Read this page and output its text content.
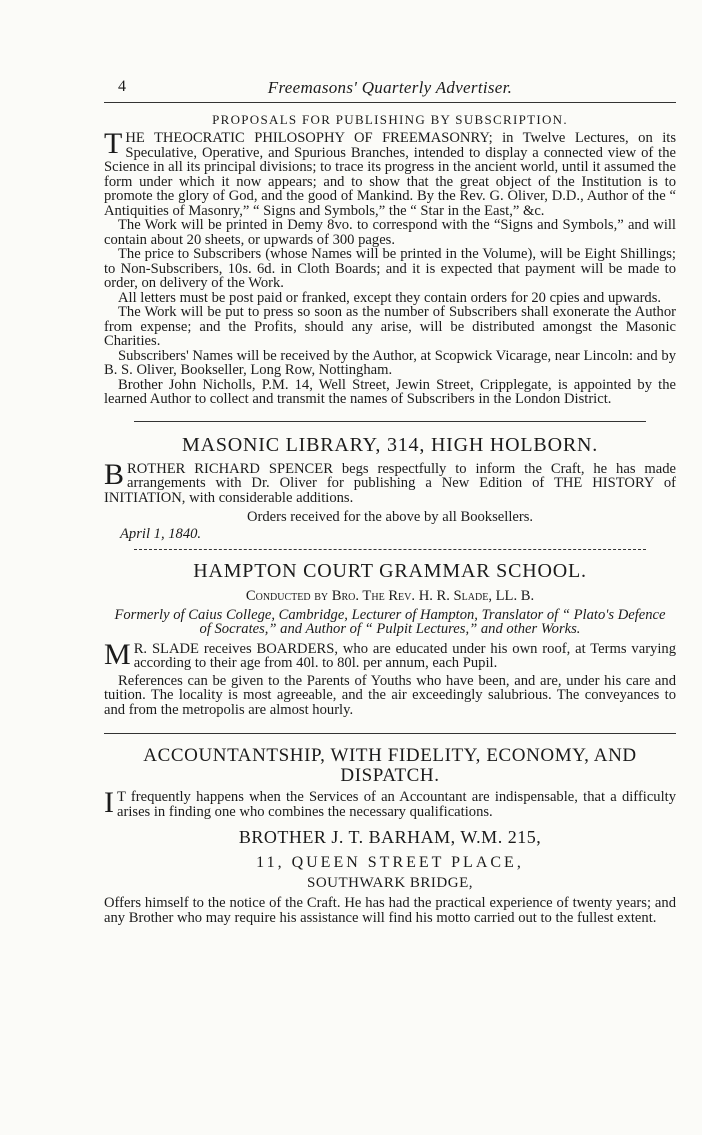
4	Freemasons' Quarterly Advertiser.
PROPOSALS FOR PUBLISHING BY SUBSCRIPTION.

THE THEOCRATIC PHILOSOPHY OF FREEMASONRY; in Twelve Lectures, on its Speculative, Operative, and Spurious Branches, intended to display a connected view of the Science in all its principal divisions; to trace its progress in the ancient world, until it assumed the form under which it now appears; and to show that the great object of the Institution is to promote the glory of God, and the good of Mankind. By the Rev. G. Oliver, D.D., Author of the “ Antiquities of Masonry,” “ Signs and Symbols,” the “ Star in the East,” &c.

The Work will be printed in Demy 8vo. to correspond with the “Signs and Symbols,” and will contain about 20 sheets, or upwards of 300 pages.

The price to Subscribers (whose Names will be printed in the Volume), will be Eight Shillings; to Non-Subscribers, 10s. 6d. in Cloth Boards; and it is expected that payment will be made to order, on delivery of the Work.

All letters must be post paid or franked, except they contain orders for 20 cpies and upwards.

The Work will be put to press so soon as the number of Subscribers shall exonerate the Author from expense; and the Profits, should any arise, will be distributed amongst the Masonic Charities.

Subscribers' Names will be received by the Author, at Scopwick Vicarage, near Lincoln: and by B. S. Oliver, Bookseller, Long Row, Nottingham.

Brother John Nicholls, P.M. 14, Well Street, Jewin Street, Cripplegate, is appointed by the learned Author to collect and transmit the names of Subscribers in the London District.

MASONIC LIBRARY, 314, HIGH HOLBORN.

BROTHER RICHARD SPENCER begs respectfully to inform the Craft, he has made arrangements with Dr. Oliver for publishing a New Edition of THE HISTORY of INITIATION, with considerable additions.

Orders received for the above by all Booksellers.
April 1, 1840.
HAMPTON COURT GRAMMAR SCHOOL.
Conducted by Bro. The Rev. H. R. Slade, LL. B.

Formerly of Caius College, Cambridge, Lecturer of Hampton, Translator of “ Plato's Defence of Socrates,” and Author of “ Pulpit Lectures,” and other Works.

MR. SLADE receives BOARDERS, who are educated under his own roof, at Terms varying according to their age from 40l. to 80l. per annum, each Pupil.

References can be given to the Parents of Youths who have been, and are, under his care and tuition. The locality is most agreeable, and the air exceedingly salubrious. The conveyances to and from the metropolis are almost hourly.

ACCOUNTANTSHIP, WITH FIDELITY, ECONOMY, AND DISPATCH.

IT frequently happens when the Services of an Accountant are indispensable, that a difficulty arises in finding one who combines the necessary qualifications.

BROTHER J. T. BARHAM, W.M. 215,
11, QUEEN STREET PLACE,
SOUTHWARK BRIDGE,

Offers himself to the notice of the Craft. He has had the practical experience of twenty years; and any Brother who may require his assistance will find his motto carried out to the fullest extent.
